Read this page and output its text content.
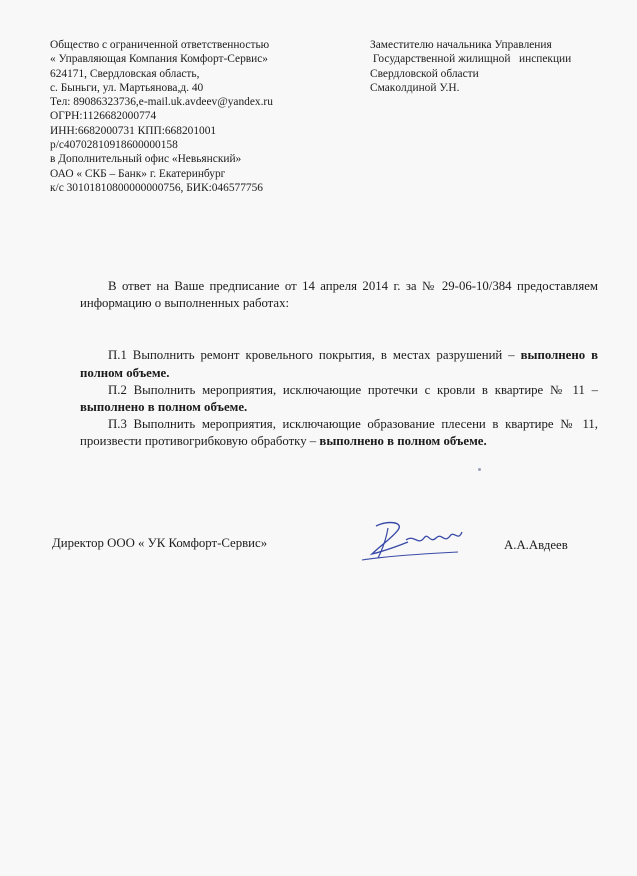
Общество с ограниченной ответственностью
« Управляющая Компания Комфорт-Сервис»
624171, Свердловская область,
с. Быньги, ул. Мартьянова,д. 40
Тел: 89086323736,e-mail.uk.avdeev@yandex.ru
ОГРН:1126682000774
ИНН:6682000731 КПП:668201001
р/с40702810918600000158
в Дополнительный офис «Невьянский»
ОАО « СКБ – Банк» г. Екатеринбург
к/с 30101810800000000756, БИК:046577756
Заместителю начальника Управления
Государственной жилищной   инспекции
Свердловской области
Смакoлдиной У.Н.

В ответ на Ваше предписание от 14 апреля 2014 г. за № 29-06-10/384 предоставляем информацию о выполненных работах:

П.1 Выполнить ремонт кровельного покрытия, в местах разрушений – выполнено в полном объеме.

П.2 Выполнить мероприятия, исключающие протечки с кровли в квартире № 11 – выполнено в полном объеме.

П.3 Выполнить мероприятия, исключающие образование плесени в квартире № 11, произвести противогрибковую обработку – выполнено в полном объеме.

Директор ООО « УК Комфорт-Сервис»	А.А.Авдеев
